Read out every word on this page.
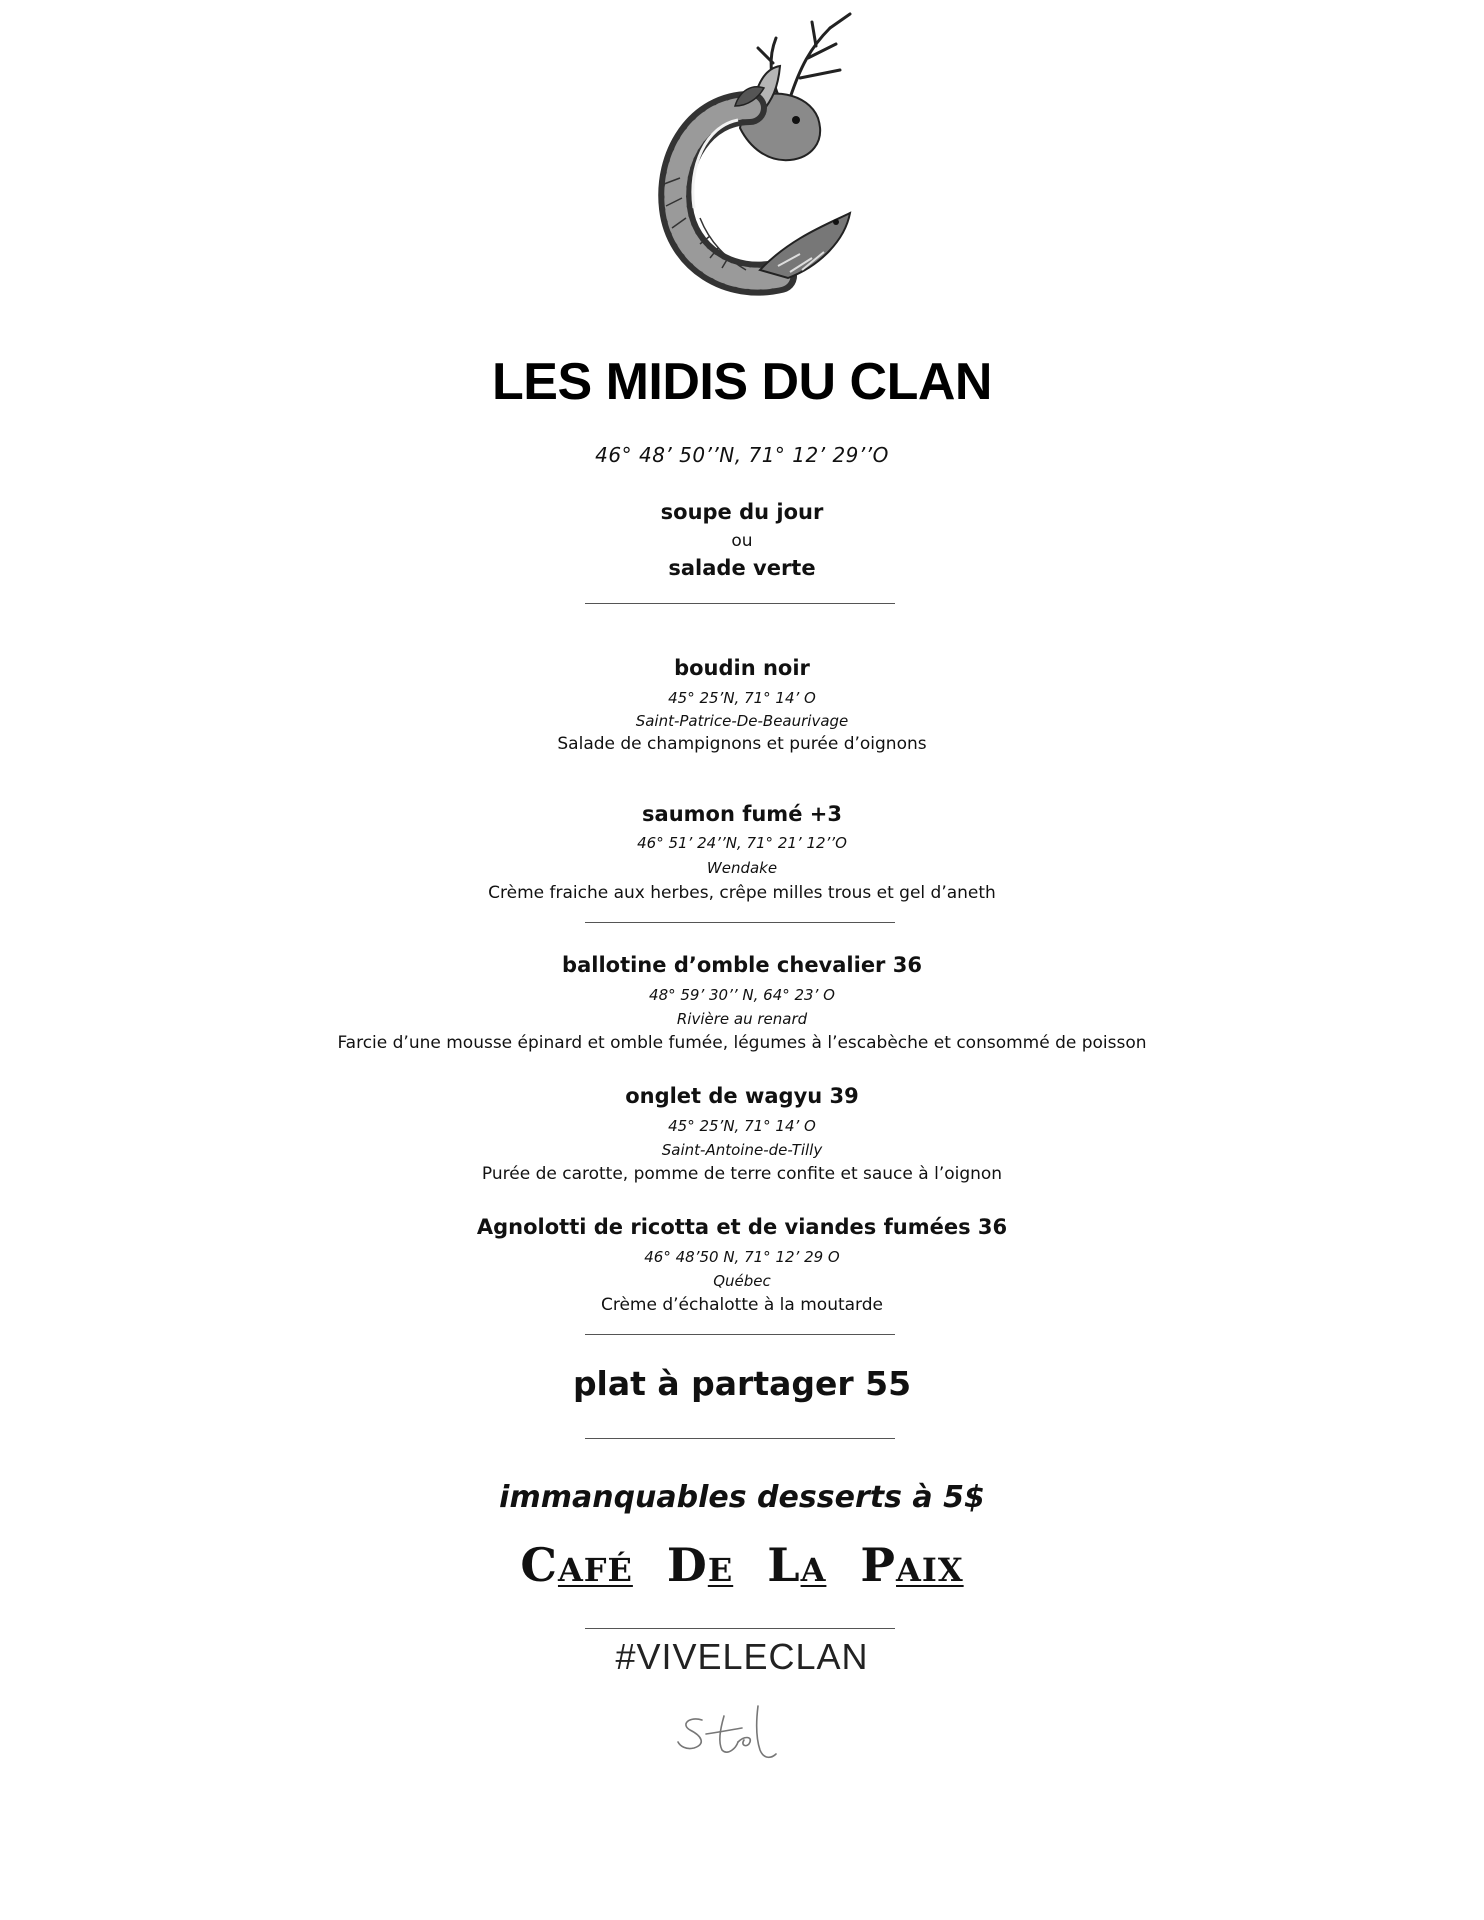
LES MIDIS DU CLAN
46° 48’ 50’’N, 71° 12’ 29’’O
soupe du jour
ou
salade verte
boudin noir
45° 25’N, 71° 14’ O
Saint-Patrice-De-Beaurivage
Salade de champignons et purée d’oignons
saumon fumé +3
46° 51’ 24’’N, 71° 21’ 12’’O
Wendake
Crème fraiche aux herbes, crêpe milles trous et gel d’aneth
ballotine d’omble chevalier 36
48° 59’ 30’’ N, 64° 23’ O
Rivière au renard
Farcie d’une mousse épinard et omble fumée, légumes à l’escabèche et consommé de poisson
onglet de wagyu 39
45° 25’N, 71° 14’ O
Saint-Antoine-de-Tilly
Purée de carotte, pomme de terre confite et sauce à l’oignon
Agnolotti de ricotta et de viandes fumées 36
46° 48’50 N, 71° 12’ 29 O
Québec
Crème d’échalotte à la moutarde
plat à partager 55
immanquables desserts à 5$
CAFÉ  DE  LA  PAIX
#VIVELECLAN
